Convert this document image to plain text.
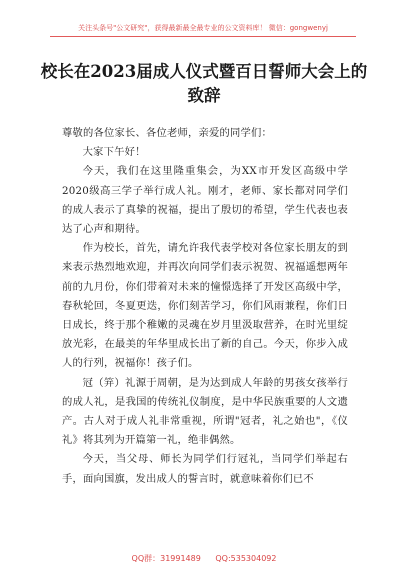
关注头条号"公文研究"，获得最新最全最专业的公文资料库！ 微信：gongwenyj
校长在2023届成人仪式暨百日誓师大会上的致辞

尊敬的各位家长、各位老师，亲爱的同学们：

大家下午好！

今天，我们在这里隆重集会，为XX市开发区高级中学2020级高三学子举行成人礼。刚才，老师、家长都对同学们的成人表示了真挚的祝福，提出了殷切的希望，学生代表也表达了心声和期待。

作为校长，首先，请允许我代表学校对各位家长朋友的到来表示热烈地欢迎，并再次向同学们表示祝贺、祝福遥想两年前的九月份，你们带着对未来的憧憬选择了开发区高级中学，春秋轮回，冬夏更迭，你们刻苦学习，你们风雨兼程，你们日日成长，终于那个稚嫩的灵魂在岁月里汲取营养，在时光里绽放光彩，在最美的年华里成长出了新的自己。今天，你步入成人的行列，祝福你！孩子们。

冠（笄）礼源于周朝，是为达到成人年龄的男孩女孩举行的成人礼，是我国的传统礼仪制度，是中华民族重要的人文遗产。古人对于成人礼非常重视，所谓"冠者，礼之始也"，《仪礼》将其列为开篇第一礼，绝非偶然。

今天，当父母、师长为同学们行冠礼，当同学们举起右手，面向国旗，发出成人的誓言时，就意味着你们已不

QQ群：31991489 QQ:535304092
